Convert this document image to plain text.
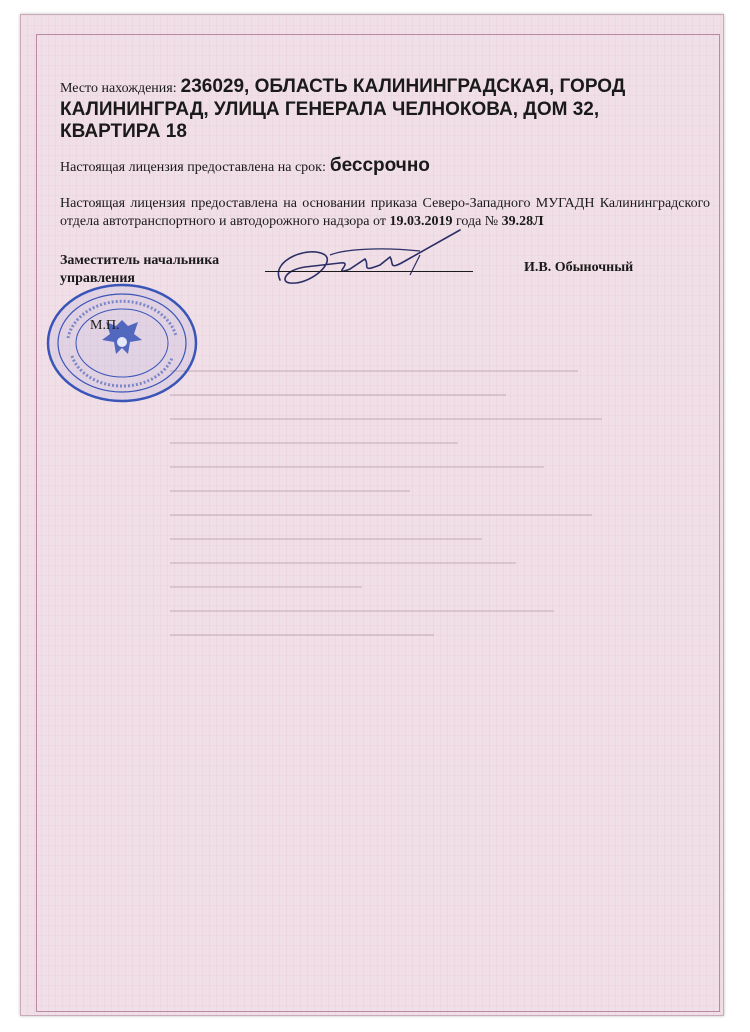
Место нахождения: 236029, ОБЛАСТЬ КАЛИНИНГРАДСКАЯ, ГОРОД КАЛИНИНГРАД, УЛИЦА ГЕНЕРАЛА ЧЕЛНОКОВА, ДОМ 32, КВАРТИРА 18
Настоящая лицензия предоставлена на срок: бессрочно
Настоящая лицензия предоставлена на основании приказа Северо-Западного МУГАДН Калининградского отдела автотранспортного и автодорожного надзора от 19.03.2019 года № 39.28Л
Заместитель начальника управления
И.В. Обыночный
М.П.
